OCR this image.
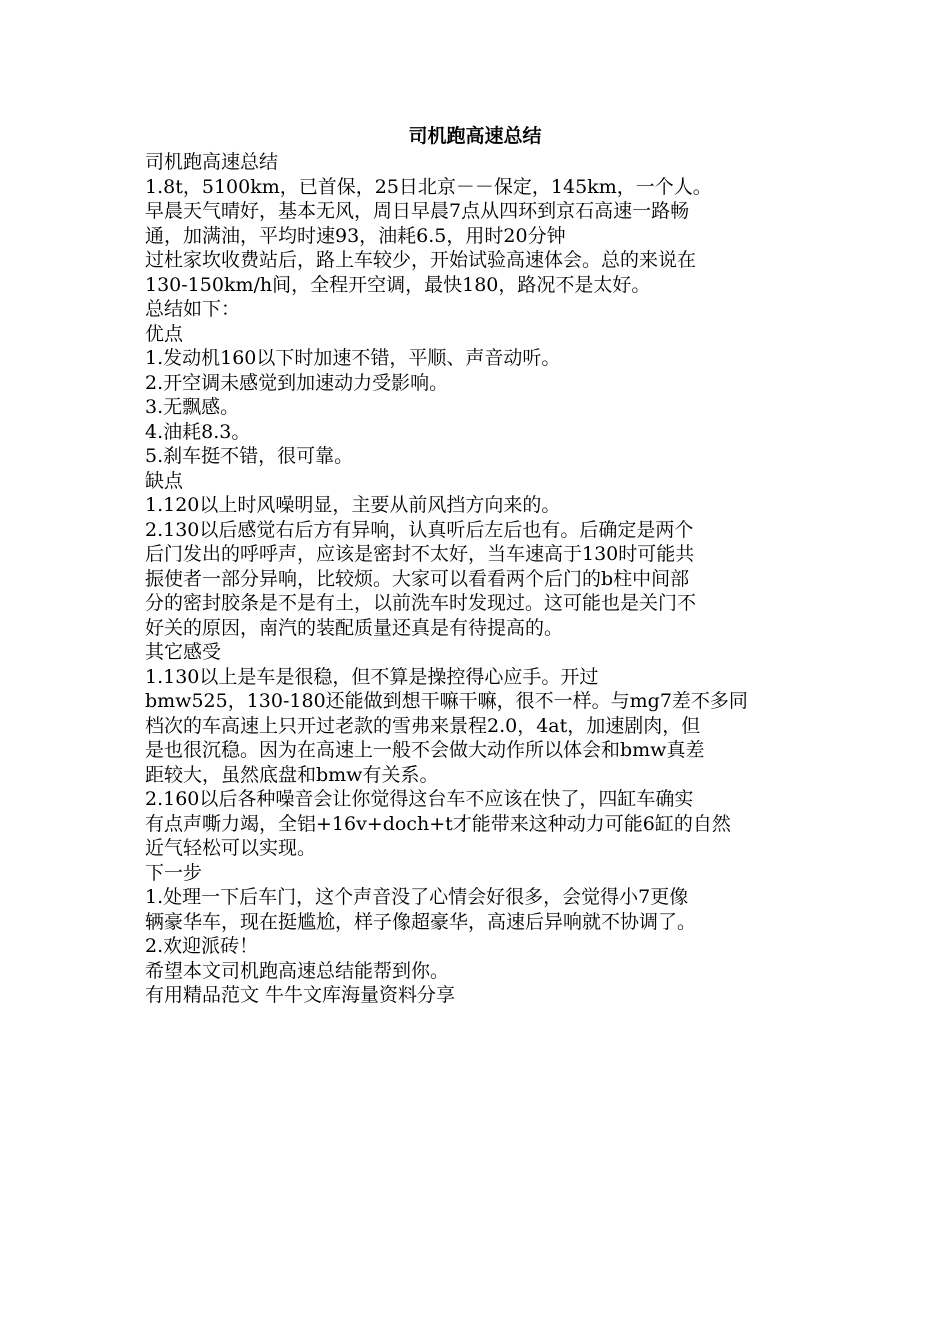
司机跑高速总结
司机跑高速总结
1.8t，5100km，已首保，25日北京－－保定，145km，一个人。
早晨天气晴好，基本无风，周日早晨7点从四环到京石高速一路畅
通，加满油，平均时速93，油耗6.5，用时20分钟
过杜家坎收费站后，路上车较少，开始试验高速体会。总的来说在
130-150km/h间，全程开空调，最快180，路况不是太好。
总结如下：
优点
1.发动机160以下时加速不错，平顺、声音动听。
2.开空调未感觉到加速动力受影响。
3.无飘感。
4.油耗8.3。
5.刹车挺不错，很可靠。
缺点
1.120以上时风噪明显，主要从前风挡方向来的。
2.130以后感觉右后方有异响，认真听后左后也有。后确定是两个
后门发出的呼呼声，应该是密封不太好，当车速高于130时可能共
振使者一部分异响，比较烦。大家可以看看两个后门的b柱中间部
分的密封胶条是不是有土，以前洗车时发现过。这可能也是关门不
好关的原因，南汽的装配质量还真是有待提高的。
其它感受
1.130以上是车是很稳，但不算是操控得心应手。开过
bmw525，130-180还能做到想干嘛干嘛，很不一样。与mg7差不多同
档次的车高速上只开过老款的雪弗来景程2.0，4at，加速剧肉，但
是也很沉稳。因为在高速上一般不会做大动作所以体会和bmw真差
距较大，虽然底盘和bmw有关系。
2.160以后各种噪音会让你觉得这台车不应该在快了，四缸车确实
有点声嘶力竭，全铝+16v+doch+t才能带来这种动力可能6缸的自然
近气轻松可以实现。
下一步
1.处理一下后车门，这个声音没了心情会好很多，会觉得小7更像
辆豪华车，现在挺尴尬，样子像超豪华，高速后异响就不协调了。
2.欢迎派砖！
希望本文司机跑高速总结能帮到你。
有用精品范文 牛牛文库海量资料分享
